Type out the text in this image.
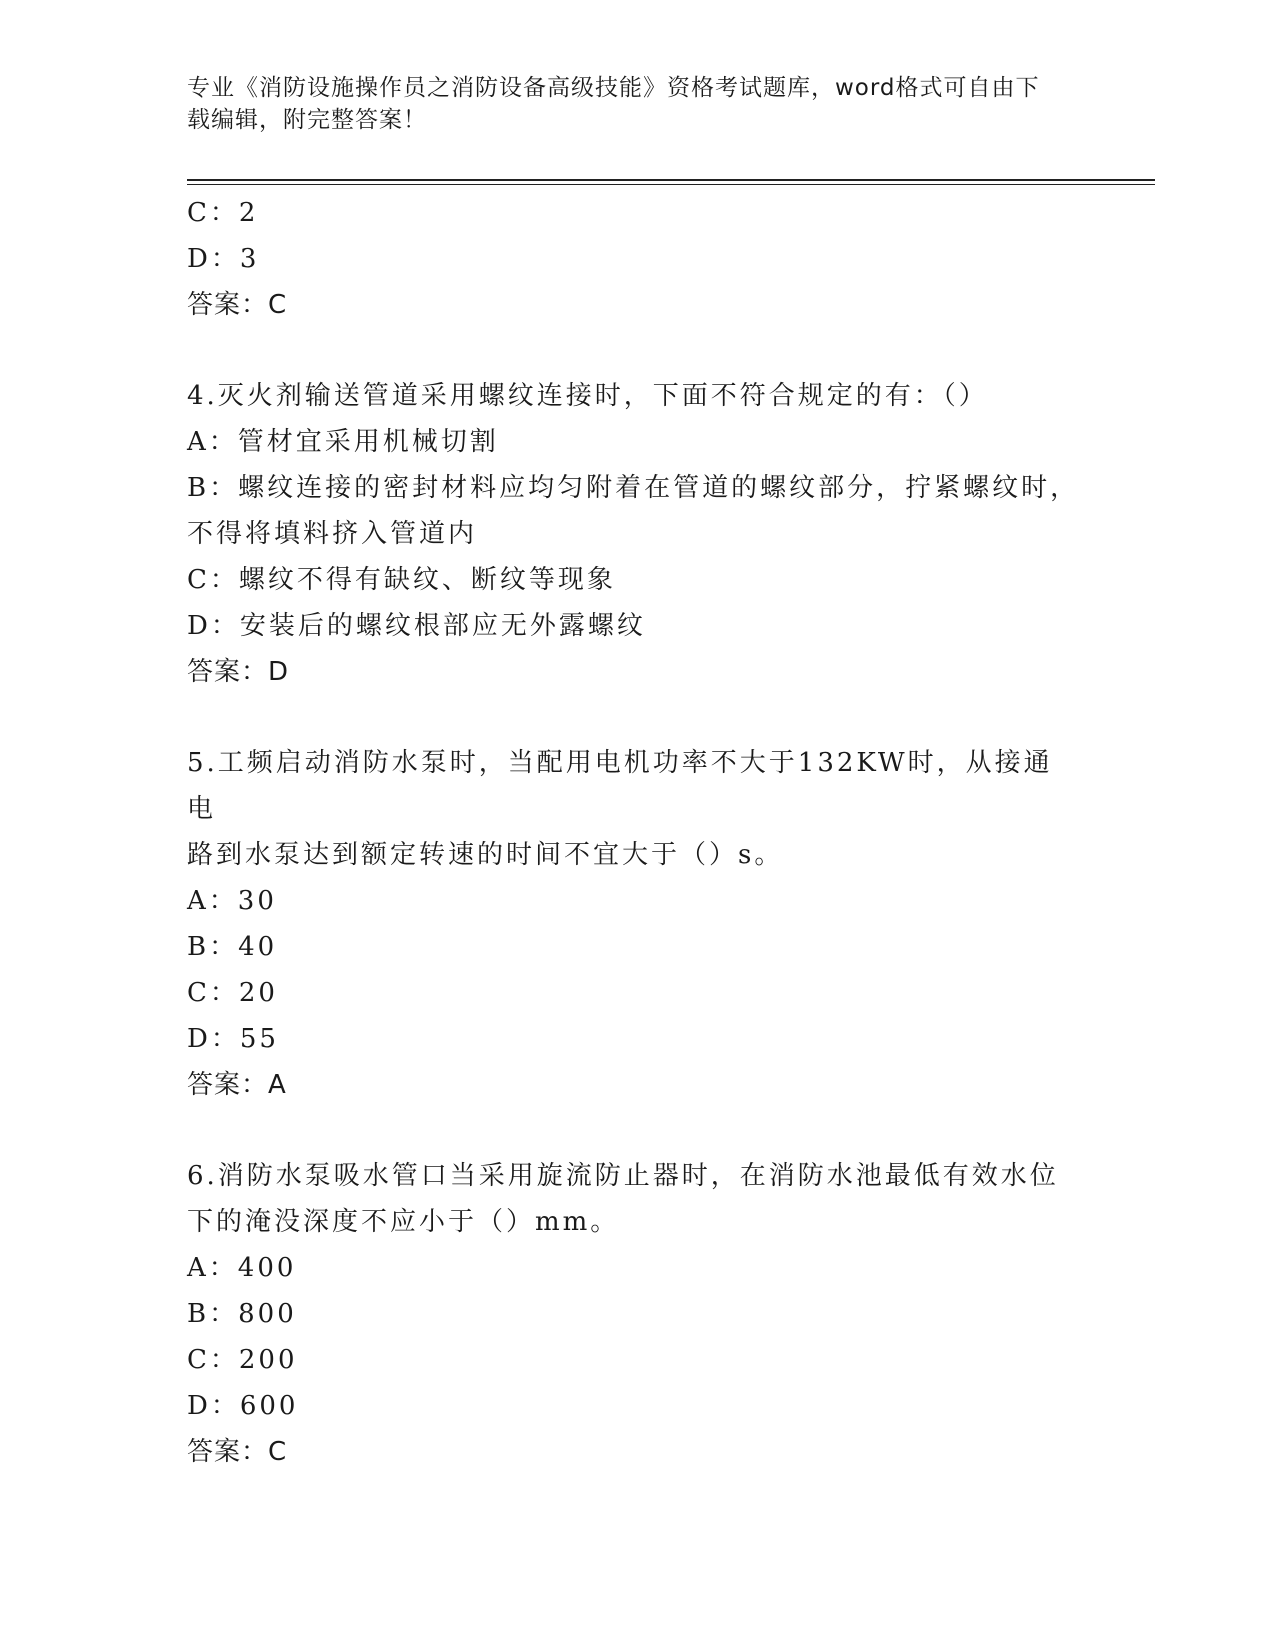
专业《消防设施操作员之消防设备高级技能》资格考试题库，word格式可自由下
载编辑，附完整答案！
C：2
D：3
答案：C
4.灭火剂输送管道采用螺纹连接时，下面不符合规定的有：（）
A：管材宜采用机械切割
B：螺纹连接的密封材料应均匀附着在管道的螺纹部分，拧紧螺纹时，
不得将填料挤入管道内
C：螺纹不得有缺纹、断纹等现象
D：安装后的螺纹根部应无外露螺纹
答案：D
5.工频启动消防水泵时，当配用电机功率不大于132KW时，从接通电
路到水泵达到额定转速的时间不宜大于（）s。
A：30
B：40
C：20
D：55
答案：A
6.消防水泵吸水管口当采用旋流防止器时，在消防水池最低有效水位
下的淹没深度不应小于（）mm。
A：400
B：800
C：200
D：600
答案：C
